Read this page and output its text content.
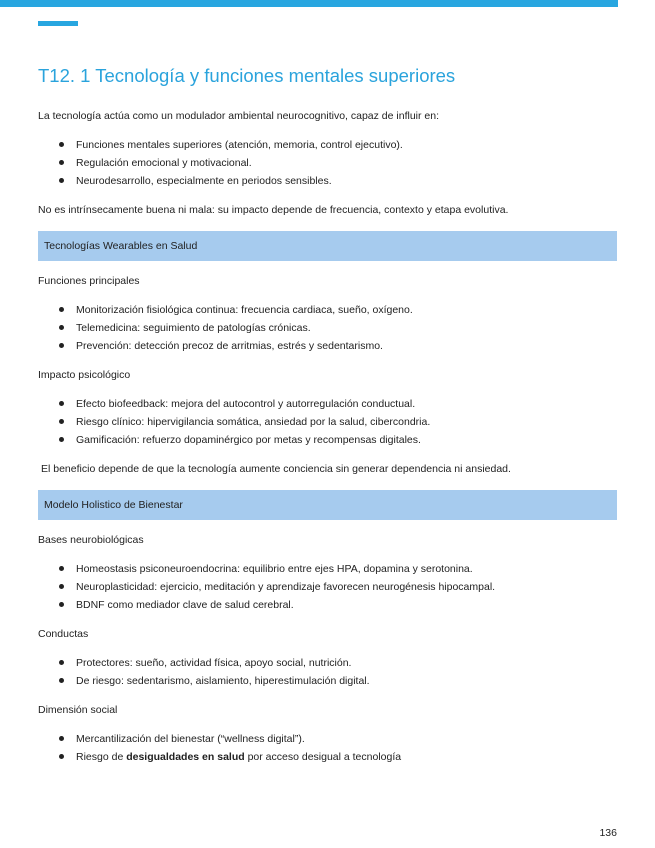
T12. 1 Tecnología y funciones mentales superiores

La tecnología actúa como un modulador ambiental neurocognitivo, capaz de influir en:

Funciones mentales superiores (atención, memoria, control ejecutivo).
Regulación emocional y motivacional.
Neurodesarrollo, especialmente en periodos sensibles.

No es intrínsecamente buena ni mala: su impacto depende de frecuencia, contexto y etapa evolutiva.

Tecnologías Wearables en Salud

Funciones principales

Monitorización fisiológica continua: frecuencia cardiaca, sueño, oxígeno.
Telemedicina: seguimiento de patologías crónicas.
Prevención: detección precoz de arritmias, estrés y sedentarismo.

Impacto psicológico

Efecto biofeedback: mejora del autocontrol y autorregulación conductual.
Riesgo clínico: hipervigilancia somática, ansiedad por la salud, cibercondria.
Gamificación: refuerzo dopaminérgico por metas y recompensas digitales.

El beneficio depende de que la tecnología aumente conciencia sin generar dependencia ni ansiedad.

Modelo Holistico de Bienestar

Bases neurobiológicas

Homeostasis psiconeuroendocrina: equilibrio entre ejes HPA, dopamina y serotonina.
Neuroplasticidad: ejercicio, meditación y aprendizaje favorecen neurogénesis hipocampal.
BDNF como mediador clave de salud cerebral.

Conductas

Protectores: sueño, actividad física, apoyo social, nutrición.
De riesgo: sedentarismo, aislamiento, hiperestimulación digital.

Dimensión social

Mercantilización del bienestar (“wellness digital”).
Riesgo de desigualdades en salud por acceso desigual a tecnología
136
